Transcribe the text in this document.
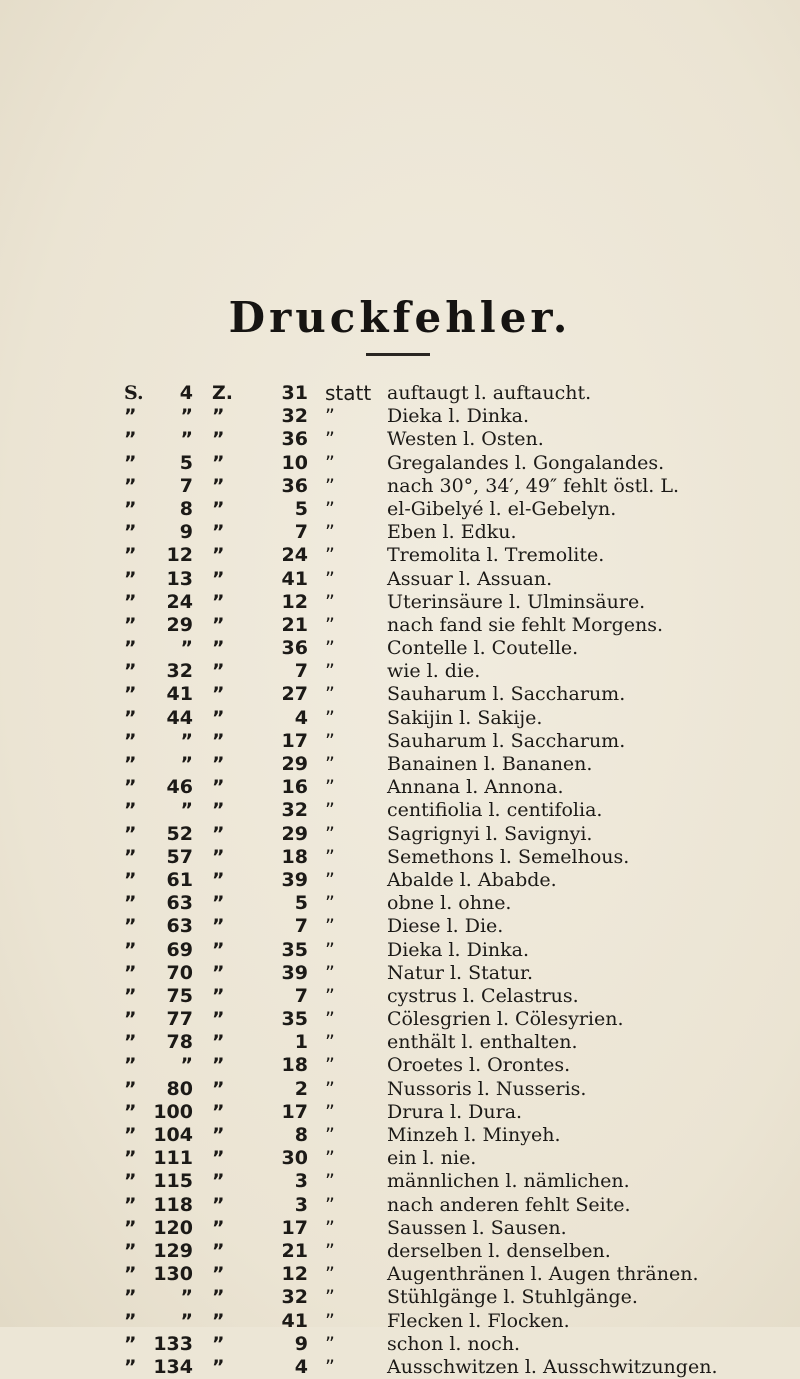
Druckfehler.
S.	4 Z.	31 statt auftaugt l. auftaucht.
”	” ”	32 ”	Dieka l. Dinka.
”	” ”	36 ”	Westen l. Osten.
”	5 ”	10 ”	Gregalandes l. Gongalandes.
”	7 ”	36 ”	nach 30°, 34′, 49″ fehlt östl. L.
”	8 ”	5 ”	el-Gibelyé l. el-Gebelyn.
”	9 ”	7 ”	Eben l. Edku.
”	12 ”	24 ”	Tremolita l. Tremolite.
”	13 ”	41 ”	Assuar l. Assuan.
”	24 ”	12 ”	Uterinsäure l. Ulminsäure.
”	29 ”	21 ”	nach fand sie fehlt Morgens.
”	” ”	36 ”	Contelle l. Coutelle.
”	32 ”	7 ”	wie l. die.
”	41 ”	27 ”	Sauharum l. Saccharum.
”	44 ”	4 ”	Sakijin l. Sakije.
”	” ”	17 ”	Sauharum l. Saccharum.
”	” ”	29 ”	Banainen l. Bananen.
”	46 ”	16 ”	Annana l. Annona.
”	” ”	32 ”	centifiolia l. centifolia.
”	52 ”	29 ”	Sagrignyi l. Savignyi.
”	57 ”	18 ”	Semethons l. Semelhous.
”	61 ”	39 ”	Abalde l. Ababde.
”	63 ”	5 ”	obne l. ohne.
”	63 ”	7 ”	Diese l. Die.
”	69 ”	35 ”	Dieka l. Dinka.
”	70 ”	39 ”	Natur l. Statur.
”	75 ”	7 ”	cystrus l. Celastrus.
”	77 ”	35 ”	Cölesgrien l. Cölesyrien.
”	78 ”	1 ”	enthält l. enthalten.
”	” ”	18 ”	Oroetes l. Orontes.
”	80 ”	2 ”	Nussoris l. Nusseris.
” 100 ”	17 ”	Drura l. Dura.
” 104 ”	8 ”	Minzeh l. Minyeh.
” 111 ”	30 ”	ein l. nie.
” 115 ”	3 ”	männlichen l. nämlichen.
” 118 ”	3 ”	nach anderen fehlt Seite.
” 120 ”	17 ”	Saussen l. Sausen.
” 129 ”	21 ”	derselben l. denselben.
” 130 ”	12 ”	Augenthränen l. Augen thränen.
”	” ”	32 ”	Stühlgänge l. Stuhlgänge.
”	” ”	41 ”	Flecken l. Flocken.
” 133 ”	9 ”	schon l. noch.
” 134 ”	4 ”	Ausschwitzen l. Ausschwitzungen.
